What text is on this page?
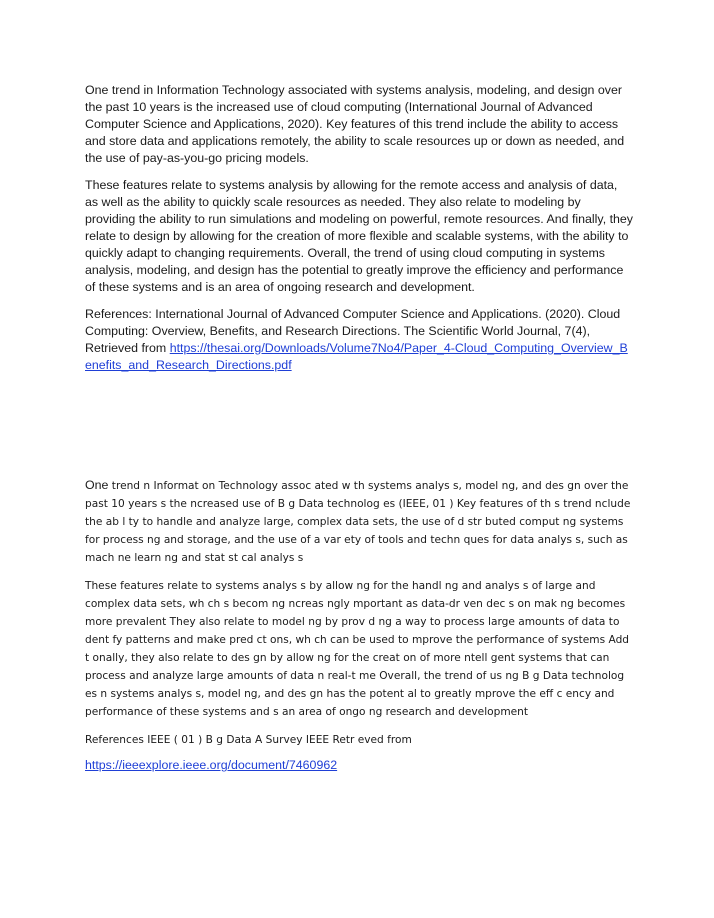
One trend in Information Technology associated with systems analysis, modeling, and design over the past 10 years is the increased use of cloud computing (International Journal of Advanced Computer Science and Applications, 2020). Key features of this trend include the ability to access and store data and applications remotely, the ability to scale resources up or down as needed, and the use of pay-as-you-go pricing models.

These features relate to systems analysis by allowing for the remote access and analysis of data, as well as the ability to quickly scale resources as needed. They also relate to modeling by providing the ability to run simulations and modeling on powerful, remote resources. And finally, they relate to design by allowing for the creation of more flexible and scalable systems, with the ability to quickly adapt to changing requirements. Overall, the trend of using cloud computing in systems analysis, modeling, and design has the potential to greatly improve the efficiency and performance of these systems and is an area of ongoing research and development.

References: International Journal of Advanced Computer Science and Applications. (2020). Cloud Computing: Overview, Benefits, and Research Directions. The Scientific World Journal, 7(4), Retrieved from https://thesai.org/Downloads/Volume7No4/Paper_4-Cloud_Computing_Overview_Benefits_and_Research_Directions.pdf

One trend n Informat on Technology assoc ated w th systems analys s, model ng, and des gn over the past 10 years s the ncreased use of B g Data technolog es (IEEE, 01 ) Key features of th s trend nclude the ab l ty to handle and analyze large, complex data sets, the use of d str buted comput ng systems for process ng and storage, and the use of a var ety of tools and techn ques for data analys s, such as mach ne learn ng and stat st cal analys s

These features relate to systems analys s by allow ng for the handl ng and analys s of large and complex data sets, wh ch s becom ng ncreas ngly mportant as data-dr ven dec s on mak ng becomes more prevalent They also relate to model ng by prov d ng a way to process large amounts of data to dent fy patterns and make pred ct ons, wh ch can be used to mprove the performance of systems Add t onally, they also relate to des gn by allow ng for the creat on of more ntell gent systems that can process and analyze large amounts of data n real-t me Overall, the trend of us ng B g Data technolog es n systems analys s, model ng, and des gn has the potent al to greatly mprove the eff c ency and performance of these systems and s an area of ongo ng research and development

References IEEE ( 01 ) B g Data A Survey IEEE Retr eved from

https://ieeexplore.ieee.org/document/7460962
